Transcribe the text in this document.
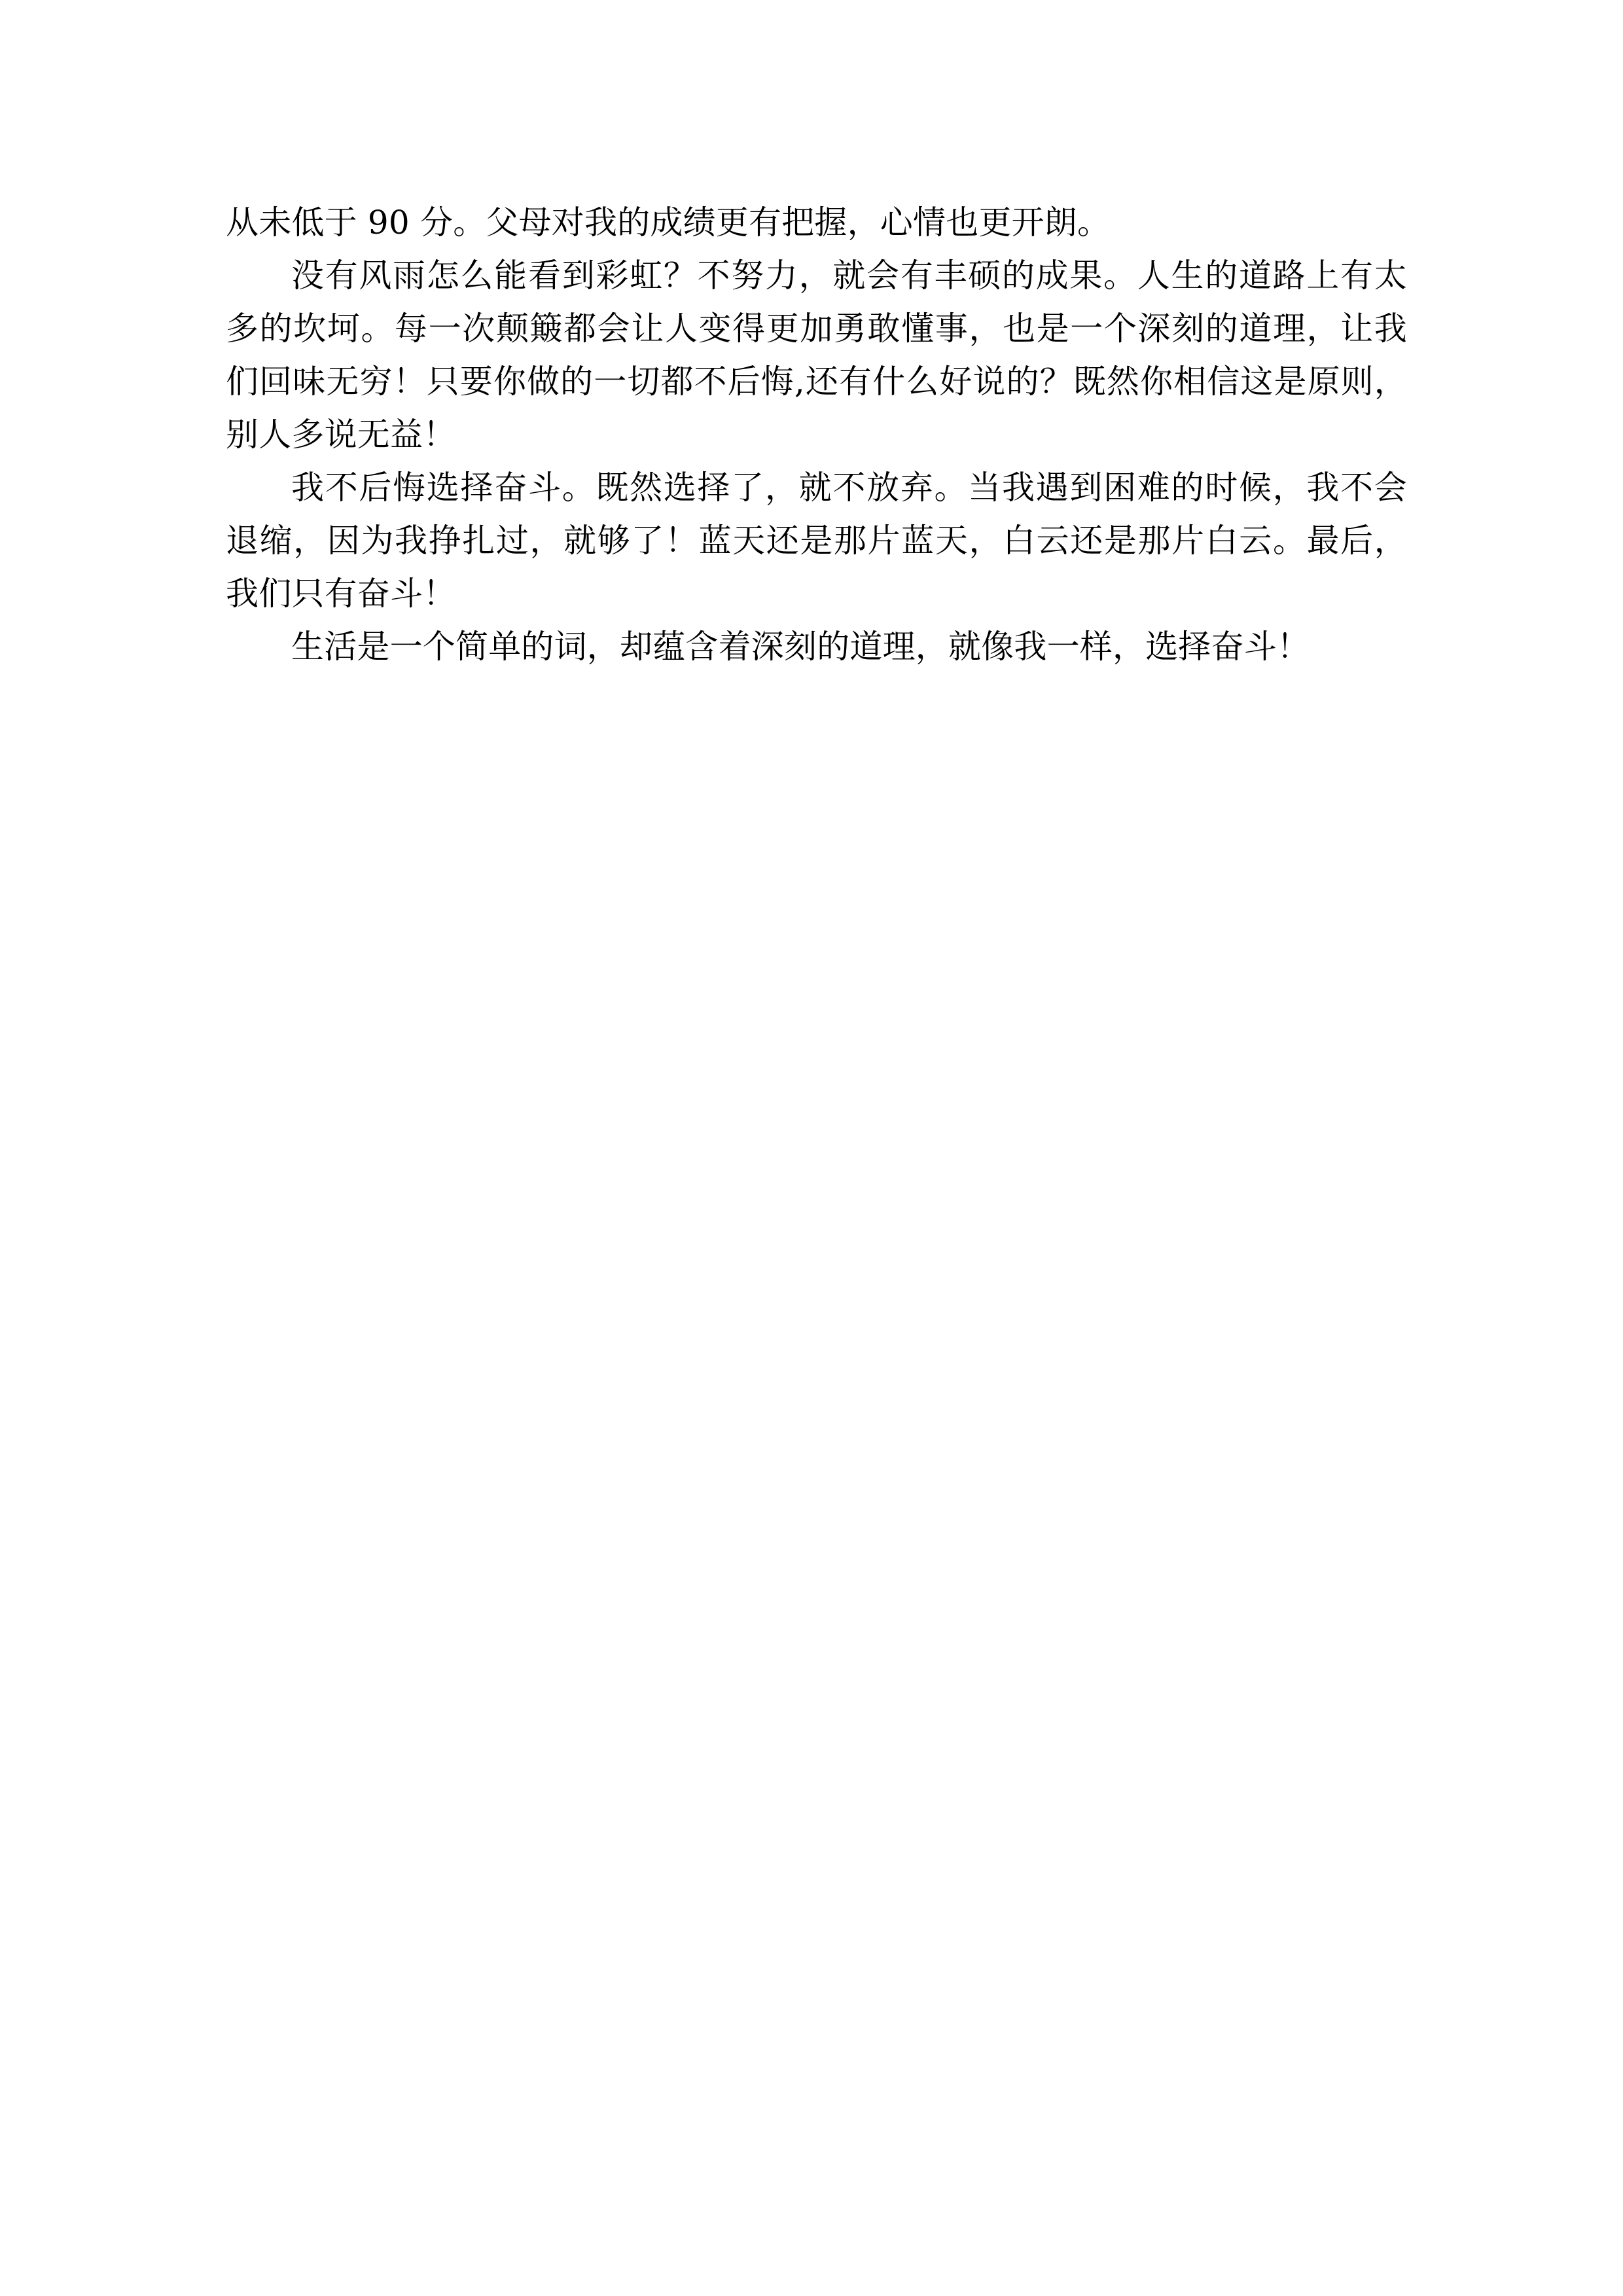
从未低于 90 分。父母对我的成绩更有把握，心情也更开朗。

没有风雨怎么能看到彩虹？不努力，就会有丰硕的成果。人生的道路上有太多的坎坷。每一次颠簸都会让人变得更加勇敢懂事，也是一个深刻的道理，让我们回味无穷！只要你做的一切都不后悔,还有什么好说的？既然你相信这是原则，别人多说无益！

我不后悔选择奋斗。既然选择了，就不放弃。当我遇到困难的时候，我不会退缩，因为我挣扎过，就够了！蓝天还是那片蓝天，白云还是那片白云。最后，我们只有奋斗！

生活是一个简单的词，却蕴含着深刻的道理，就像我一样，选择奋斗！
